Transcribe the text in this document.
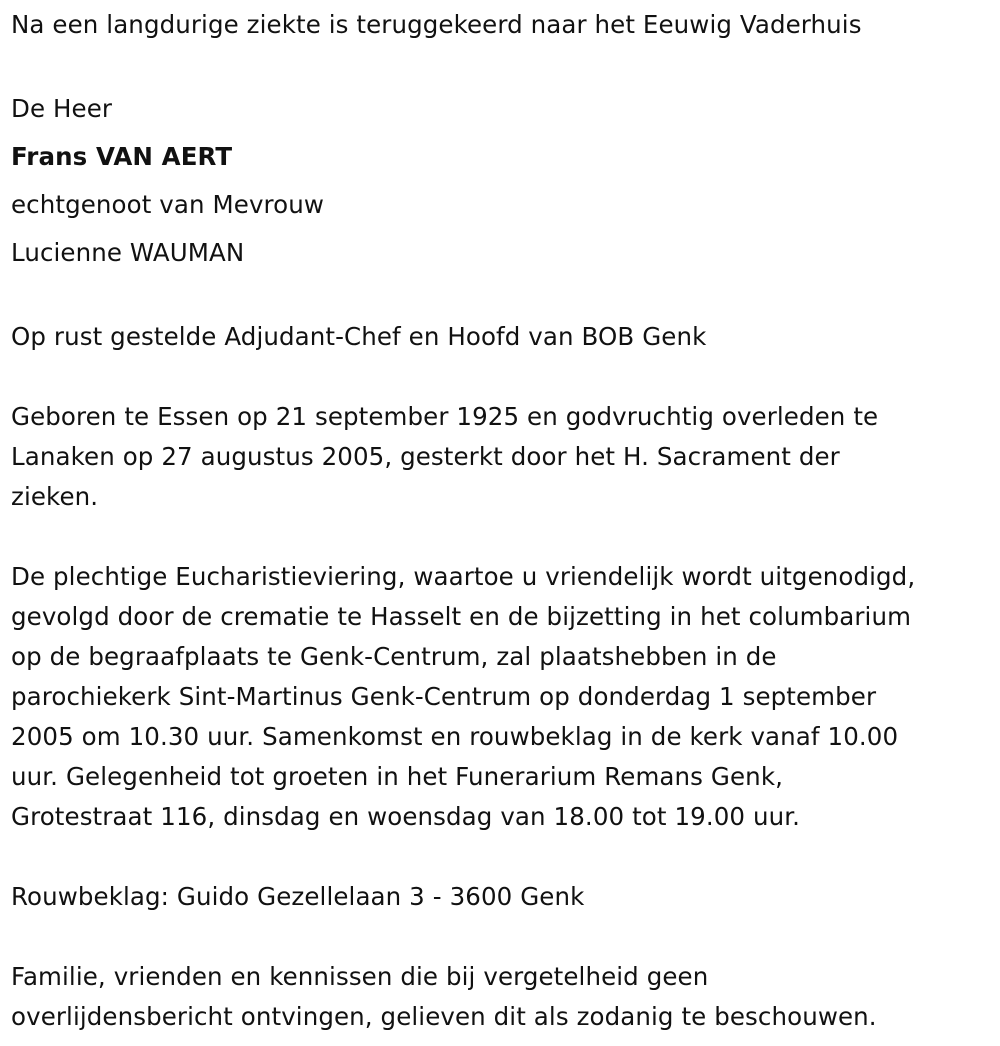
Na een langdurige ziekte is teruggekeerd naar het Eeuwig Vaderhuis

De Heer

Frans VAN AERT

echtgenoot van Mevrouw

Lucienne WAUMAN

Op rust gestelde Adjudant-Chef en Hoofd van BOB Genk

Geboren te Essen op 21 september 1925 en godvruchtig overleden te

Lanaken op 27 augustus 2005, gesterkt door het H. Sacrament der

zieken.

De plechtige Eucharistieviering, waartoe u vriendelijk wordt uitgenodigd,

gevolgd door de crematie te Hasselt en de bijzetting in het columbarium

op de begraafplaats te Genk-Centrum, zal plaatshebben in de

parochiekerk Sint-Martinus Genk-Centrum op donderdag 1 september

2005 om 10.30 uur. Samenkomst en rouwbeklag in de kerk vanaf 10.00

uur. Gelegenheid tot groeten in het Funerarium Remans Genk,

Grotestraat 116, dinsdag en woensdag van 18.00 tot 19.00 uur.

Rouwbeklag: Guido Gezellelaan 3 - 3600 Genk

Familie, vrienden en kennissen die bij vergetelheid geen

overlijdensbericht ontvingen, gelieven dit als zodanig te beschouwen.
